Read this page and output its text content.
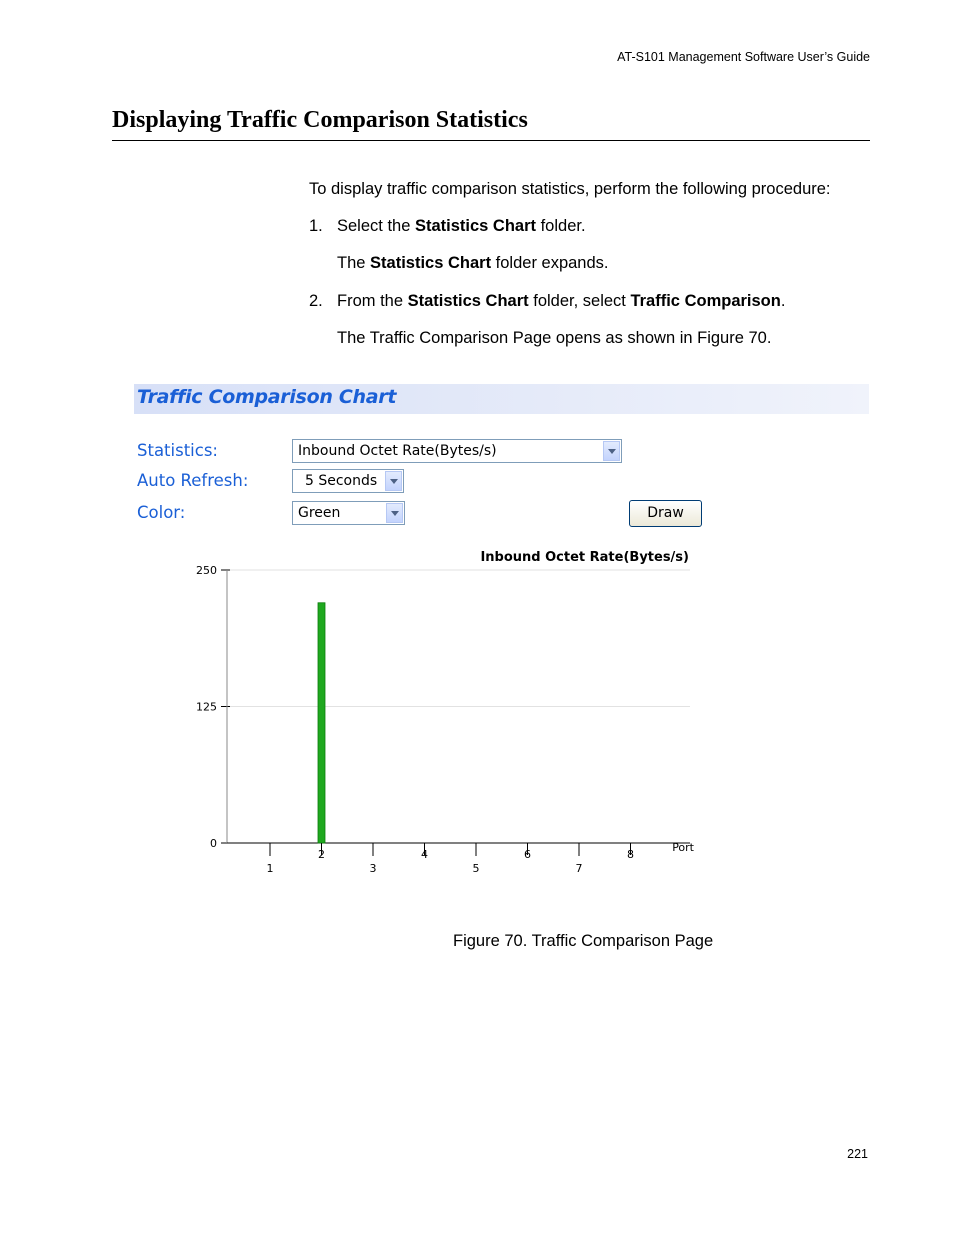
AT-S101 Management Software User’s Guide
Displaying Traffic Comparison Statistics
To display traffic comparison statistics, perform the following procedure:
1. Select the Statistics Chart folder.
The Statistics Chart folder expands.
2. From the Statistics Chart folder, select Traffic Comparison.
The Traffic Comparison Page opens as shown in Figure 70.
Traffic Comparison Chart
Statistics:	Inbound Octet Rate(Bytes/s)
Auto Refresh:	5 Seconds
Color:	Green	Draw
Inbound Octet Rate(Bytes/s)
0
125
250
1
2
3
4
5
6
7
8
Port
Figure 70. Traffic Comparison Page
221
